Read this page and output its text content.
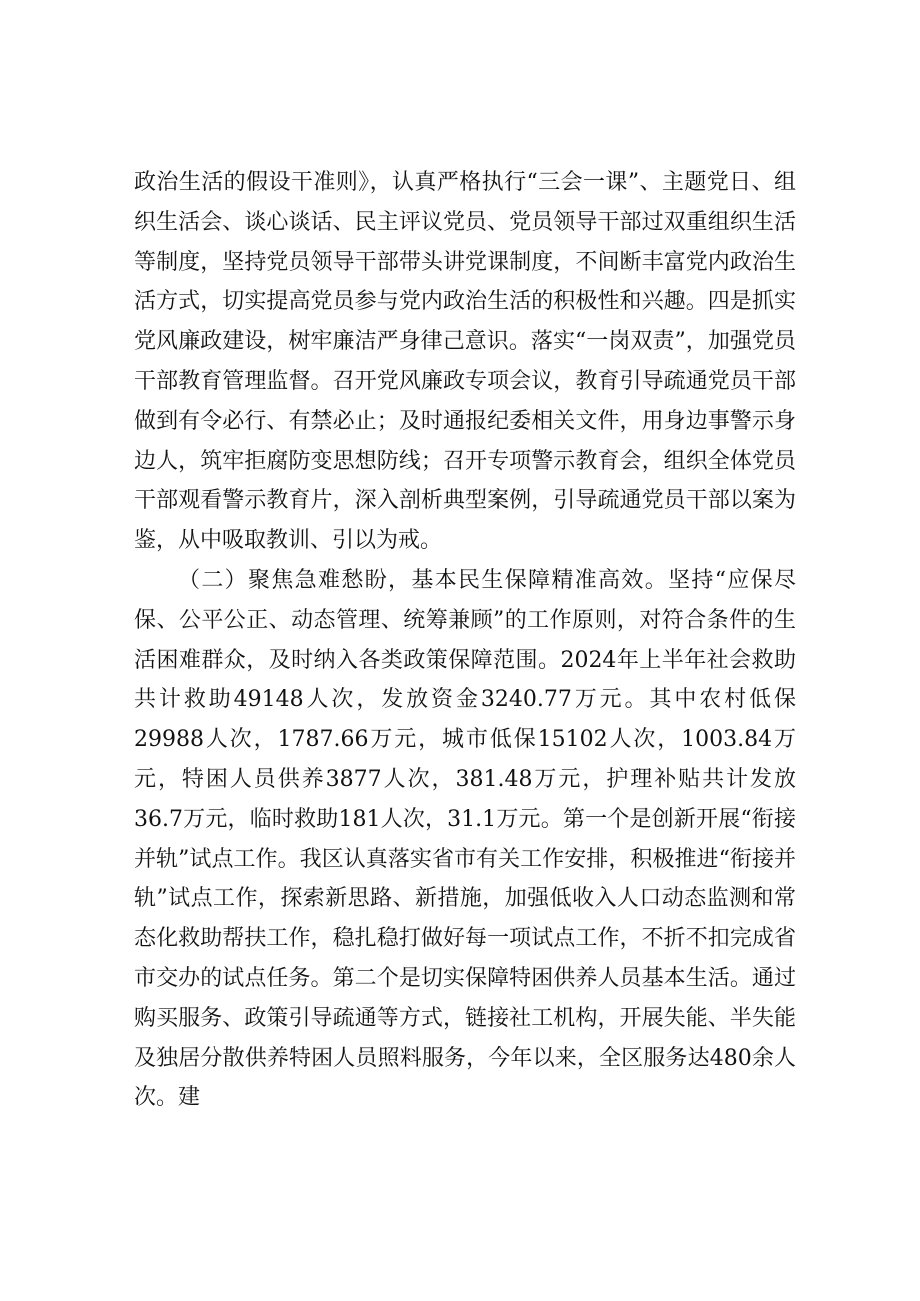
政治生活的假设干准则》，认真严格执行“三会一课”、主题党日、组织生活会、谈心谈话、民主评议党员、党员领导干部过双重组织生活等制度，坚持党员领导干部带头讲党课制度，不间断丰富党内政治生活方式，切实提高党员参与党内政治生活的积极性和兴趣。四是抓实党风廉政建设，树牢廉洁严身律己意识。落实“一岗双责”，加强党员干部教育管理监督。召开党风廉政专项会议，教育引导疏通党员干部做到有令必行、有禁必止；及时通报纪委相关文件，用身边事警示身边人，筑牢拒腐防变思想防线；召开专项警示教育会，组织全体党员干部观看警示教育片，深入剖析典型案例，引导疏通党员干部以案为鉴，从中吸取教训、引以为戒。

（二）聚焦急难愁盼，基本民生保障精准高效。坚持“应保尽保、公平公正、动态管理、统筹兼顾”的工作原则，对符合条件的生活困难群众，及时纳入各类政策保障范围。2024年上半年社会救助共计救助49148人次，发放资金3240.77万元。其中农村低保29988人次，1787.66万元，城市低保15102人次，1003.84万元，特困人员供养3877人次，381.48万元，护理补贴共计发放36.7万元，临时救助181人次，31.1万元。第一个是创新开展“衔接并轨”试点工作。我区认真落实省市有关工作安排，积极推进“衔接并轨”试点工作，探索新思路、新措施，加强低收入人口动态监测和常态化救助帮扶工作，稳扎稳打做好每一项试点工作，不折不扣完成省市交办的试点任务。第二个是切实保障特困供养人员基本生活。通过购买服务、政策引导疏通等方式，链接社工机构，开展失能、半失能及独居分散供养特困人员照料服务，今年以来，全区服务达480余人次。建
